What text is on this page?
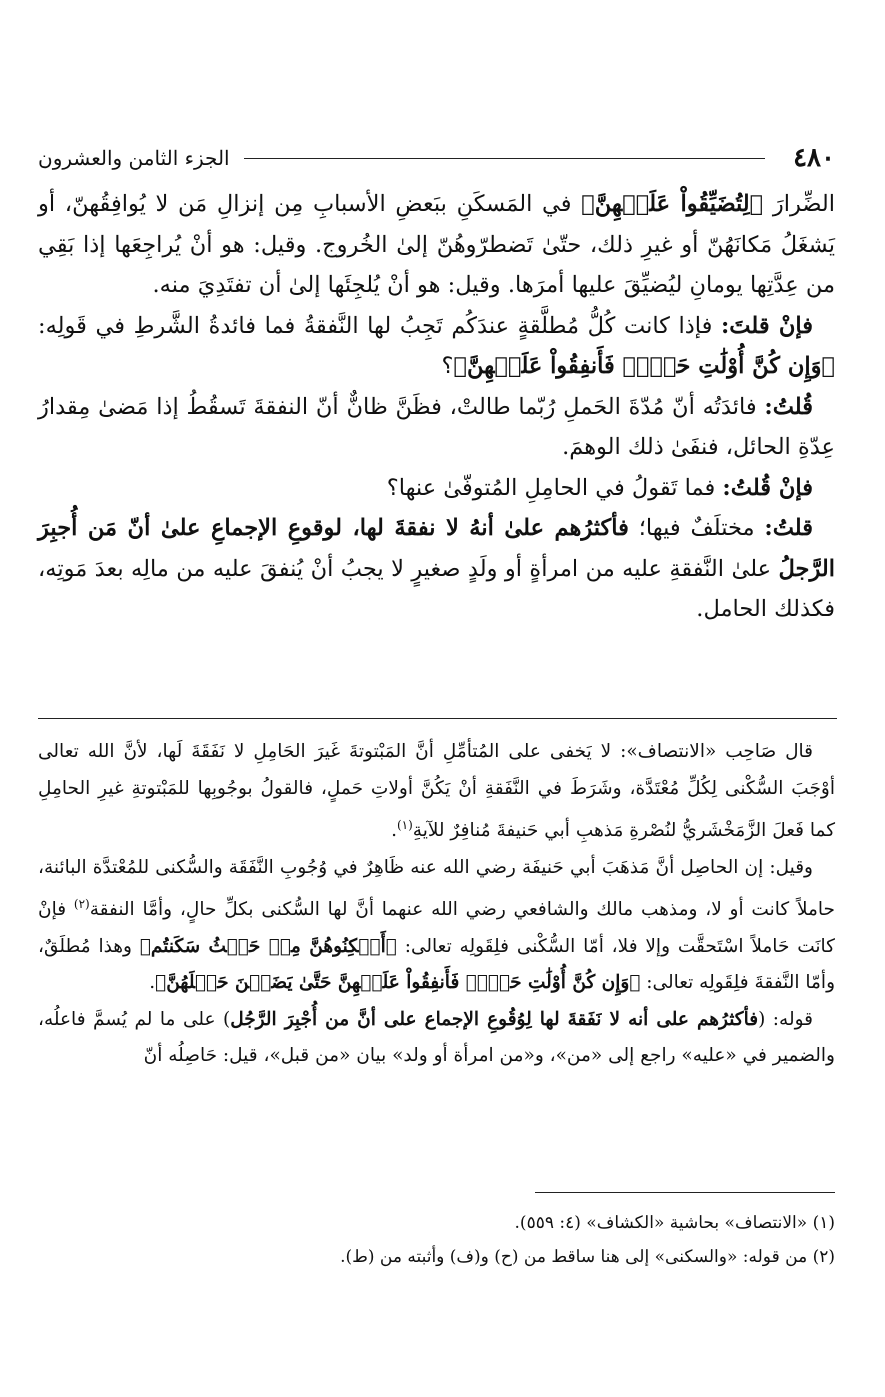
٤٨٠
الجزء الثامن والعشرون

الضِّرارَ ﴿لِتُضَيِّقُواْ عَلَيۡهِنَّ﴾ في المَسكَنِ ببَعضِ الأسبابِ مِن إنزالِ مَن لا يُوافِقُهنّ، أو يَشغَلُ مَكانَهُنّ أو غيرِ ذلك، حتّىٰ تَضطرّوهُنّ إلىٰ الخُروج. وقيل: هو أنْ يُراجِعَها إذا بَقِي من عِدَّتِها يومانِ ليُضيِّقَ عليها أمرَها. وقيل: هو أنْ يُلجِئَها إلىٰ أن تفتَدِيَ منه.

فإنْ قلتَ: فإذا كانت كُلُّ مُطلَّقةٍ عندَكُم تَجِبُ لها النَّفقةُ فما فائدةُ الشَّرطِ في قَولِه: ﴿وَإِن كُنَّ أُوْلَٰتِ حَمۡلٖ فَأَنفِقُواْ عَلَيۡهِنَّ﴾؟

قُلتُ: فائدَتُه أنّ مُدّةَ الحَملِ رُبّما طالتْ، فظَنَّ ظانٌّ أنّ النفقةَ تَسقُطُ إذا مَضىٰ مِقدارُ عِدّةِ الحائل، فنفَىٰ ذلك الوهمَ.

فإنْ قُلتُ: فما تَقولُ في الحامِلِ المُتوفّىٰ عنها؟

قلتُ: مختلَفٌ فيها؛ فأكثرُهم علىٰ أنهُ لا نفقةَ لها، لوقوعِ الإجماعِ علىٰ أنّ مَن أُجبِرَ الرَّجلُ علىٰ النَّفقةِ عليه من امرأةٍ أو ولَدٍ صغيرٍ لا يجبُ أنْ يُنفقَ عليه من مالِه بعدَ مَوتِه، فكذلك الحامل.

قال صَاحِب «الانتصاف»: لا يَخفى على المُتأمِّلِ أنَّ المَبْتوتةَ غَيرَ الحَامِلِ لا نَفَقَةَ لَها، لأنَّ الله تعالى أوْجَبَ السُّكْنى لِكُلِّ مُعْتَدَّة، وشَرَطَ في النَّفَقةِ أنْ يَكُنَّ أولاتِ حَملٍ، فالقولُ بوجُوبِها للمَبْتوتةِ غيرِ الحامِلِ كما فَعلَ الزَّمَخْشَريُّ لنُصْرةِ مَذهبِ أبي حَنيفةَ مُنافِرٌ للآيةِ$^{(١)}$.

وقيل: إن الحاصِل أنَّ مَذهَبَ أبي حَنيفَة رضي الله عنه ظَاهِرٌ في وُجُوبِ النَّفَقَة والسُّكنى للمُعْتدَّة البائنة، حاملاً كانت أو لا، ومذهب مالك والشافعي رضي الله عنهما أنَّ لها السُّكنى بكلِّ حالٍ، وأمَّا النفقة$^{(٢)}$ فإنْ كانَت حَاملاً اسْتَحقَّت وإلا فلا، أمّا السُّكْنى فلِقَولِه تعالى: ﴿أَسۡكِنُوهُنَّ مِنۡ حَيۡثُ سَكَنتُم﴾ وهذا مُطلَقٌ، وأمّا النَّفقةَ فلِقَولِه تعالى: ﴿وَإِن كُنَّ أُوْلَٰتِ حَمۡلٖ فَأَنفِقُواْ عَلَيۡهِنَّ حَتَّىٰ يَضَعۡنَ حَمۡلَهُنَّ﴾.

قوله: (فأكثرُهم على أنه لا نَفَقةَ لها لِوُقُوعِ الإجماع على أنَّ من أُجْبِرَ الرَّجُل) على ما لم يُسمَّ فاعلُه، والضمير في «عليه» راجع إلى «من»، و«من امرأة أو ولد» بيان «من قبل»، قيل: حَاصِلُه أنّ

(١) «الانتصاف» بحاشية «الكشاف» (٤: ٥٥٩).

(٢) من قوله: «والسكنى» إلى هنا ساقط من (ح) و(ف) وأثبته من (ط).
